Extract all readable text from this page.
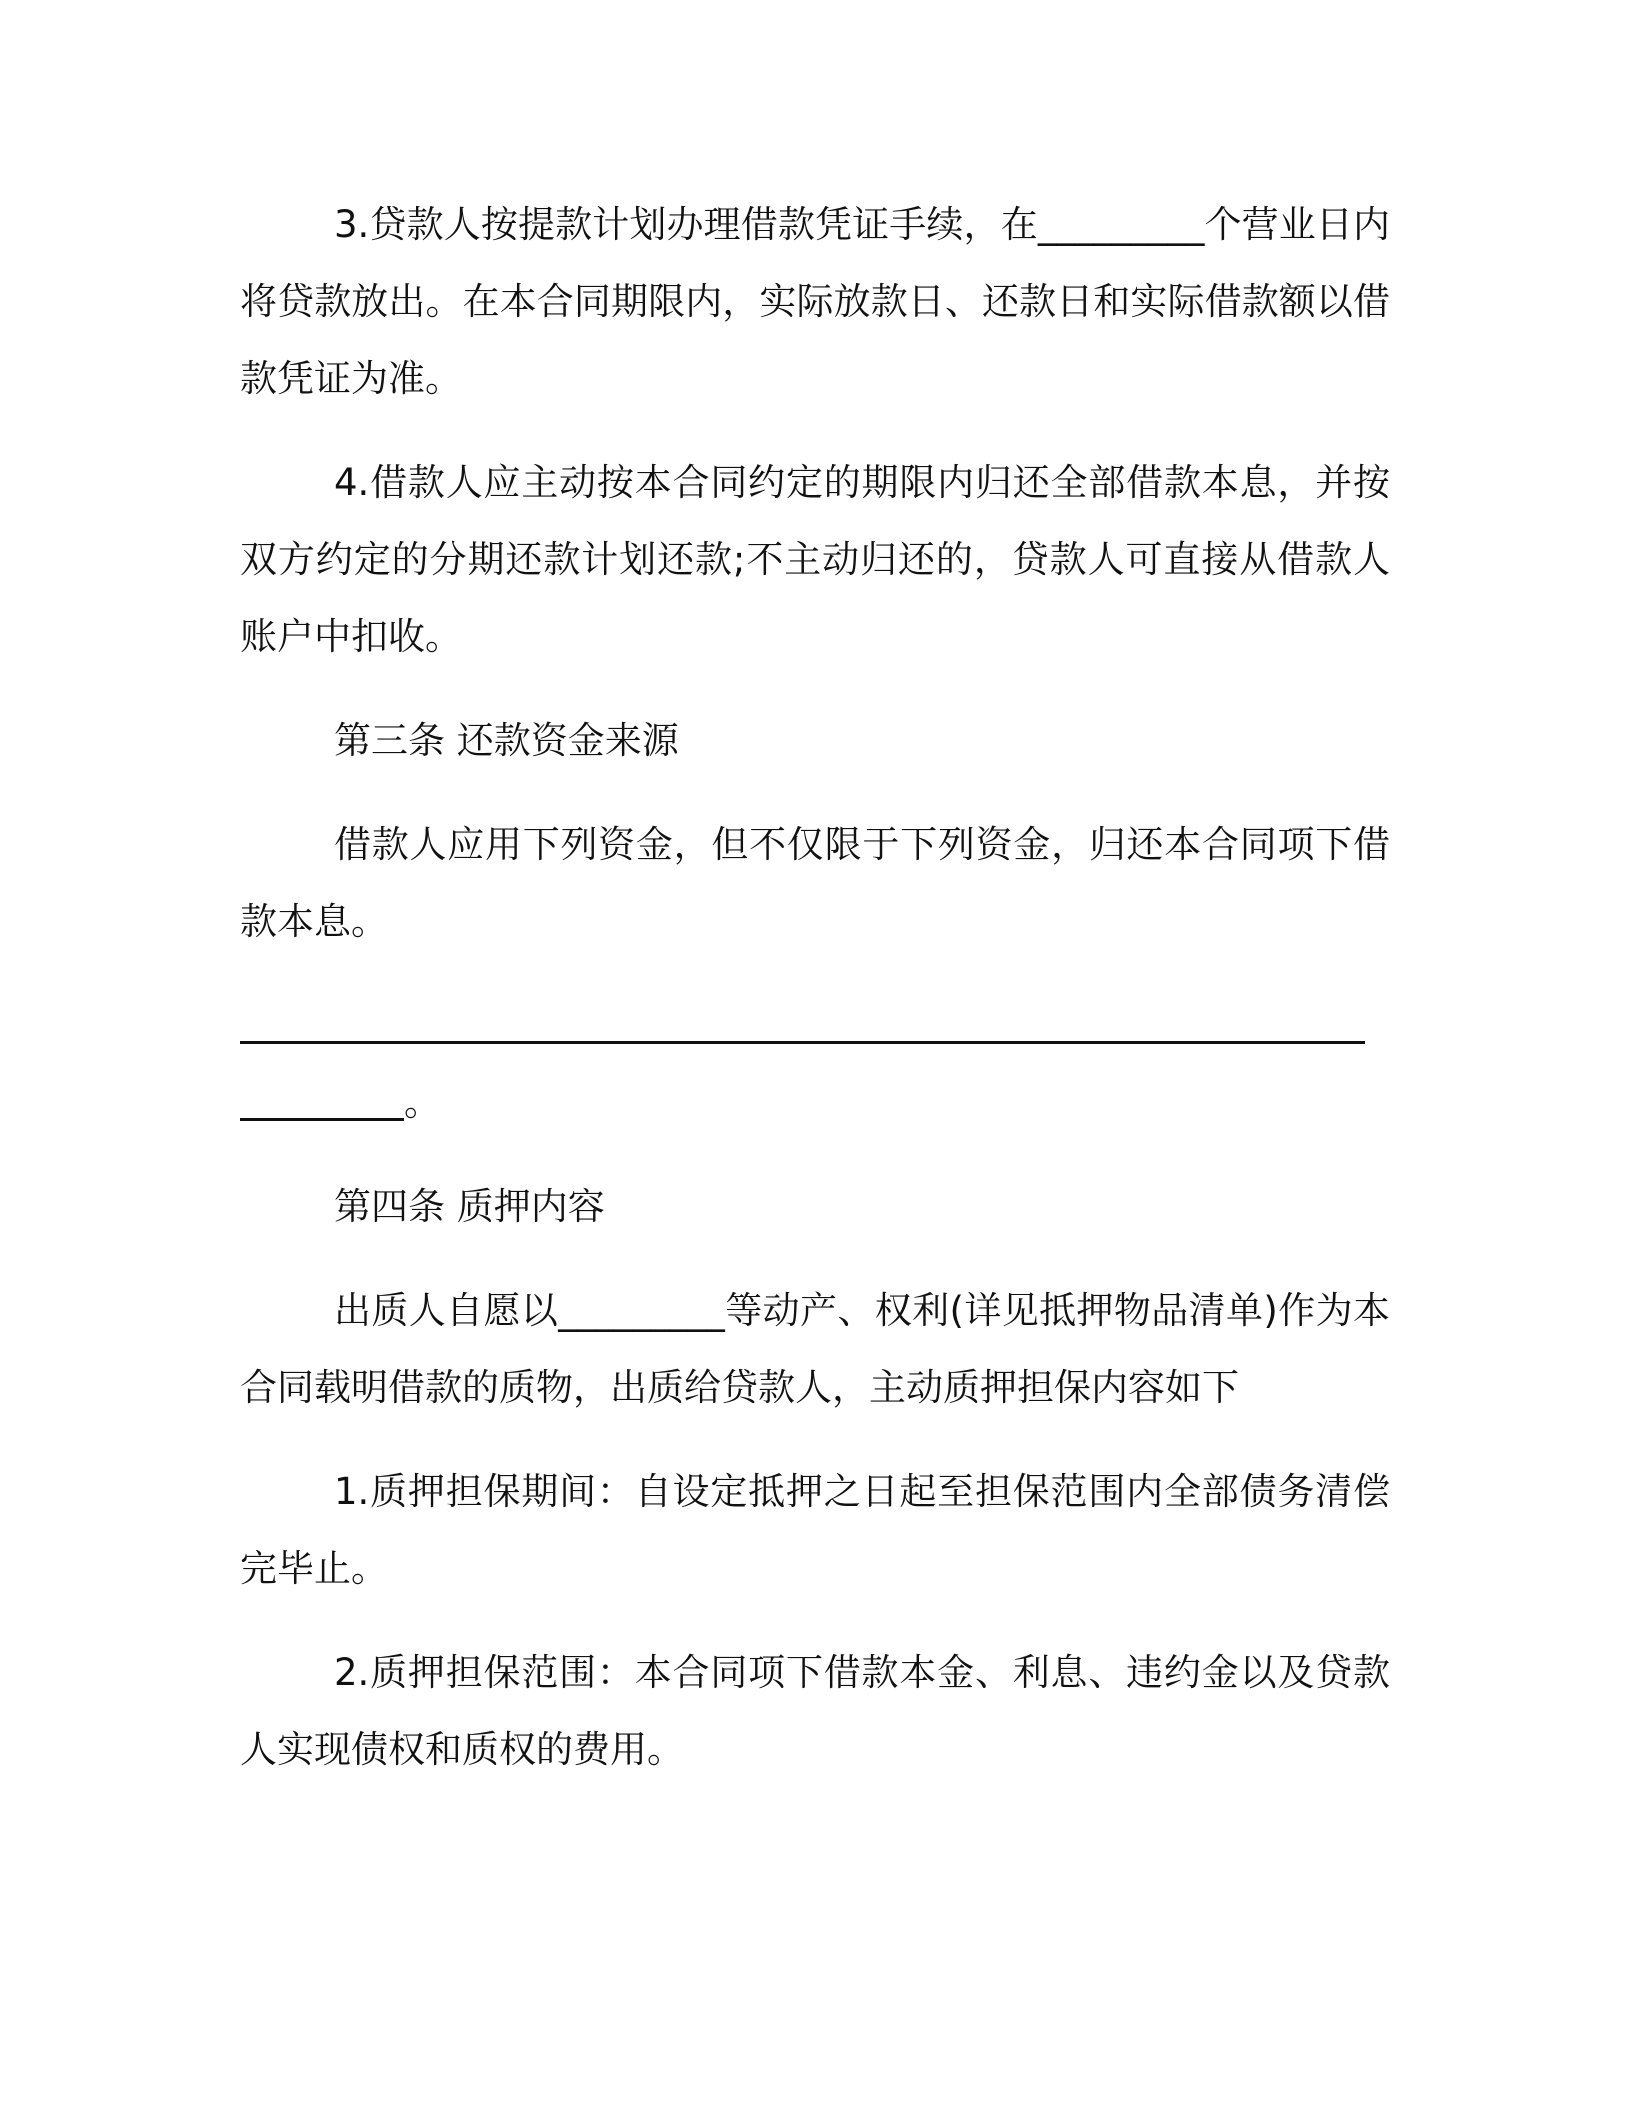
3.贷款人按提款计划办理借款凭证手续，在_________个营业日内将贷款放出。在本合同期限内，实际放款日、还款日和实际借款额以借款凭证为准。

4.借款人应主动按本合同约定的期限内归还全部借款本息，并按双方约定的分期还款计划还款;不主动归还的，贷款人可直接从借款人账户中扣收。

第三条 还款资金来源

借款人应用下列资金，但不仅限于下列资金，归还本合同项下借款本息。

。

第四条 质押内容

出质人自愿以_________等动产、权利(详见抵押物品清单)作为本合同载明借款的质物，出质给贷款人，主动质押担保内容如下

1.质押担保期间：自设定抵押之日起至担保范围内全部债务清偿完毕止。

2.质押担保范围：本合同项下借款本金、利息、违约金以及贷款人实现债权和质权的费用。
